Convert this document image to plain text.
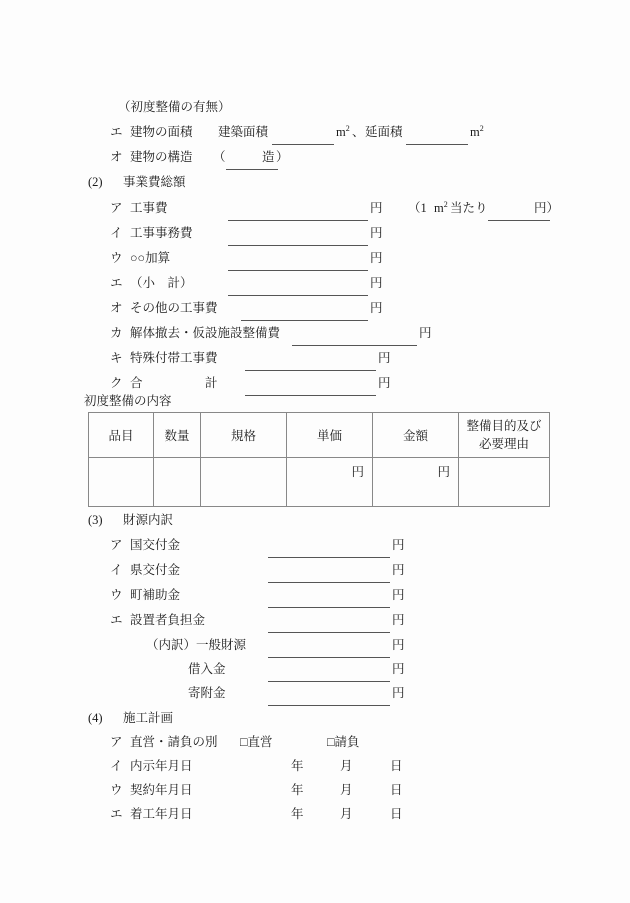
（初度整備の有無）
エ 建物の面積 建築面積	$m^2$ 、 延面積	$m^2$
オ 建物の構造 （	造 ）
(2) 事業費総額
ア 工事費	円 （1 $m^2$ 当たり	円）
イ 工事事務費	円
ウ ○○加算	円
エ （小　計）	円
オ その他の工事費	円
カ 解体撤去・仮設施設整備費	円
キ 特殊付帯工事費	円
ク 合　　　　　計	円
初度整備の内容
品目	数量	規格	単価	金額	整備目的及び
必要理由

			円	円	
(3) 財源内訳
ア 国交付金	円
イ 県交付金	円
ウ 町補助金	円
エ 設置者負担金	円
（内訳）一般財源	円
借入金	円
寄附金	円
(4) 施工計画
ア 直営・請負の別 □直営	□請負
イ 内示年月日	年	月	日
ウ 契約年月日	年	月	日
エ 着工年月日	年	月	日
